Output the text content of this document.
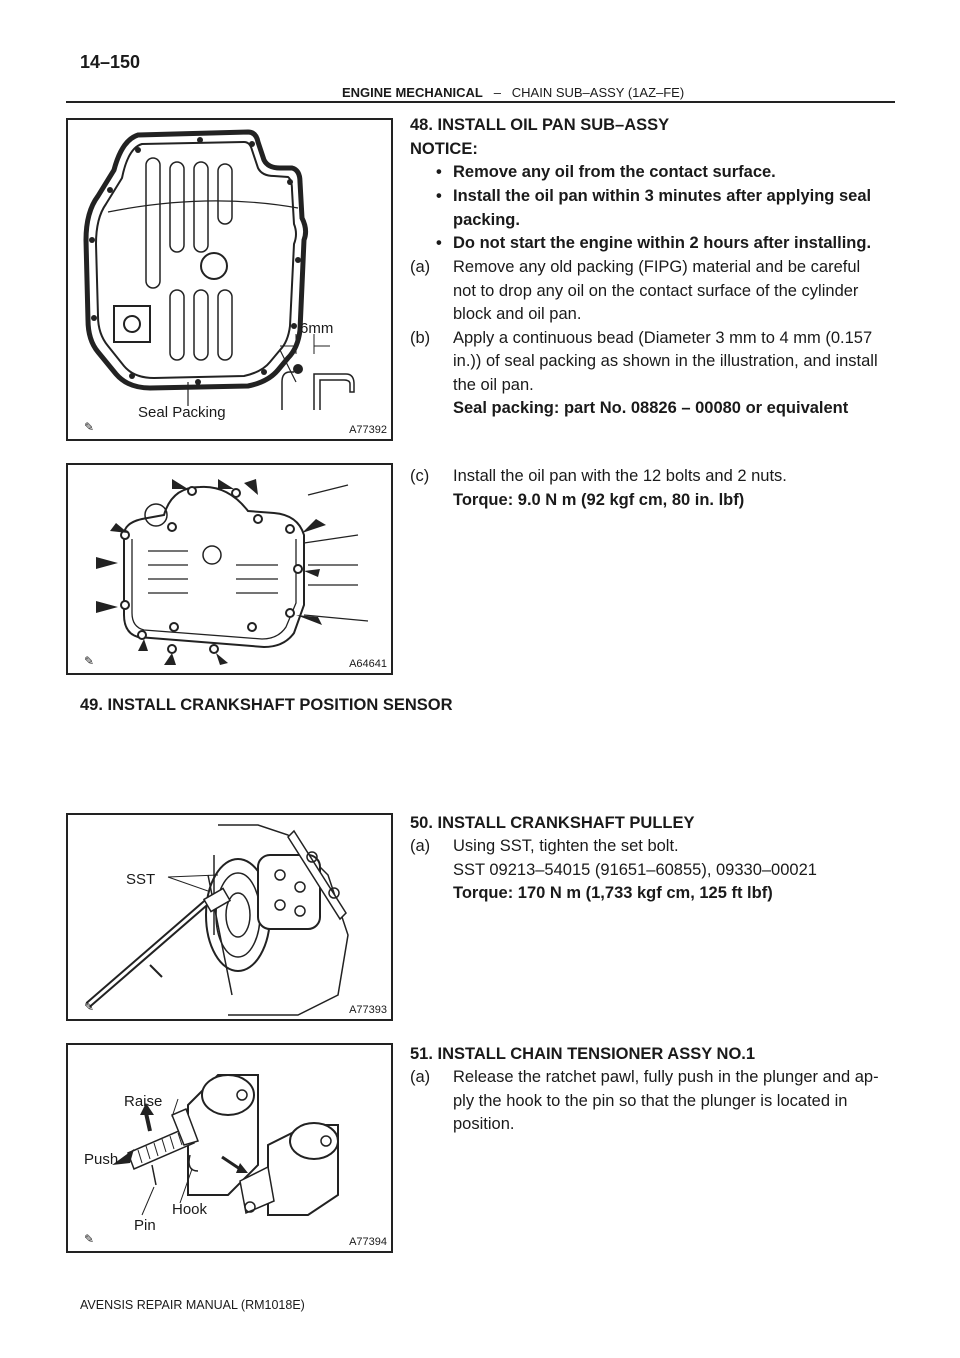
14–150
ENGINE MECHANICAL – CHAIN SUB–ASSY (1AZ–FE)
6mm
Seal Packing
✎	A77392
✎	A64641
SST
✎	A77393
Raise
Push
Hook
Pin
✎	A77394
48. INSTALL OIL PAN SUB–ASSY
NOTICE:
• Remove any oil from the contact surface.
• Install the oil pan within 3 minutes after applying seal
packing.
• Do not start the engine within 2 hours after installing.
(a) Remove any old packing (FIPG) material and be careful
not to drop any oil on the contact surface of the cylinder
block and oil pan.
(b) Apply a continuous bead (Diameter 3 mm to 4 mm (0.157
in.)) of seal packing as shown in the illustration, and install
the oil pan.
Seal packing: part No. 08826 – 00080 or equivalent
(c) Install the oil pan with the 12 bolts and 2 nuts.
Torque: 9.0 N m (92 kgf cm, 80 in. lbf)
49. INSTALL CRANKSHAFT POSITION SENSOR
50. INSTALL CRANKSHAFT PULLEY
(a) Using SST, tighten the set bolt.
SST 09213–54015 (91651–60855), 09330–00021
Torque: 170 N m (1,733 kgf cm, 125 ft lbf)
51. INSTALL CHAIN TENSIONER ASSY NO.1
(a) Release the ratchet pawl, fully push in the plunger and ap-
ply the hook to the pin so that the plunger is located in
position.
AVENSIS REPAIR MANUAL (RM1018E)
